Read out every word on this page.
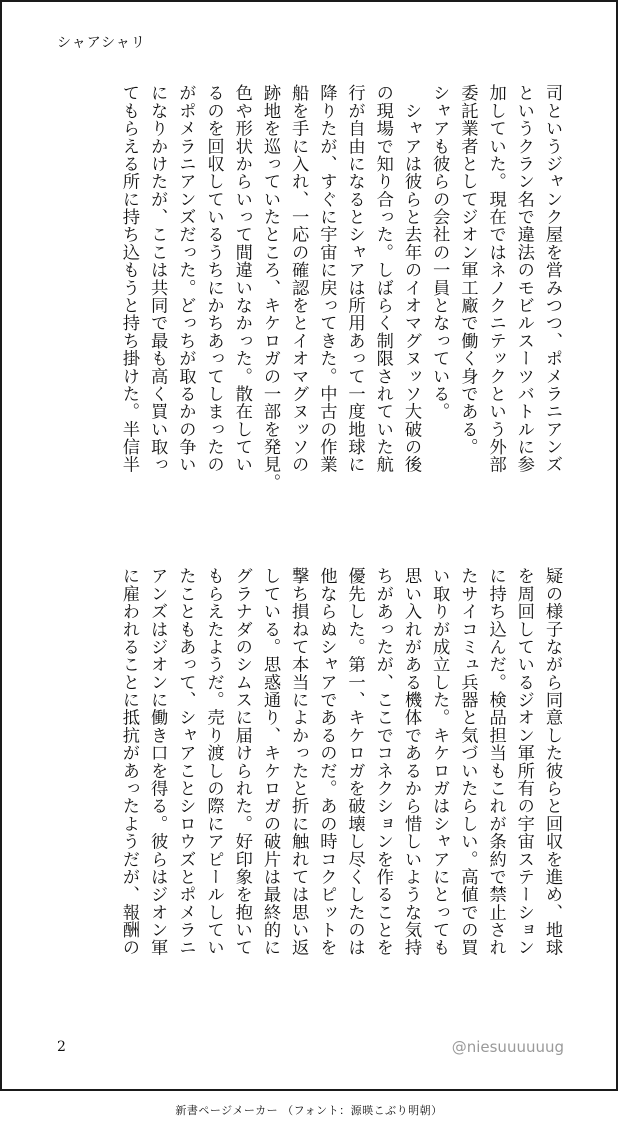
シャアシャリ
司というジャンク屋を営みつつ、ポメラニアンズ
というクラン名で違法のモビルスーツバトルに参
加していた。現在ではネノクニテックという外部
委託業者としてジオン軍工廠で働く身である。
シャアも彼らの会社の一員となっている。
　シャアは彼らと去年のイオマグヌッソ大破の後
の現場で知り合った。しばらく制限されていた航
行が自由になるとシャアは所用あって一度地球に
降りたが、すぐに宇宙に戻ってきた。中古の作業
船を手に入れ、一応の確認をとイオマグヌッソの
跡地を巡っていたところ、キケロガの一部を発見。
色や形状からいって間違いなかった。散在してい
るのを回収しているうちにかちあってしまったの
がポメラニアンズだった。どっちが取るかの争い
になりかけたが、ここは共同で最も高く買い取っ
てもらえる所に持ち込もうと持ち掛けた。半信半
疑の様子ながら同意した彼らと回収を進め、地球
を周回しているジオン軍所有の宇宙ステーション
に持ち込んだ。検品担当もこれが条約で禁止され
たサイコミュ兵器と気づいたらしい。高値での買
い取りが成立した。キケロガはシャアにとっても
思い入れがある機体であるから惜しいような気持
ちがあったが、ここでコネクションを作ることを
優先した。第一、キケロガを破壊し尽くしたのは
他ならぬシャアであるのだ。あの時コクピットを
撃ち損ねて本当によかったと折に触れては思い返
している。思惑通り、キケロガの破片は最終的に
グラナダのシムスに届けられた。好印象を抱いて
もらえたようだ。売り渡しの際にアピールしてい
たこともあって、シャアことシロウズとポメラニ
アンズはジオンに働き口を得る。彼らはジオン軍
に雇われることに抵抗があったようだが、報酬の
2	@niesuuuuuug
新書ページメーカー （フォント：源暎こぶり明朝）
